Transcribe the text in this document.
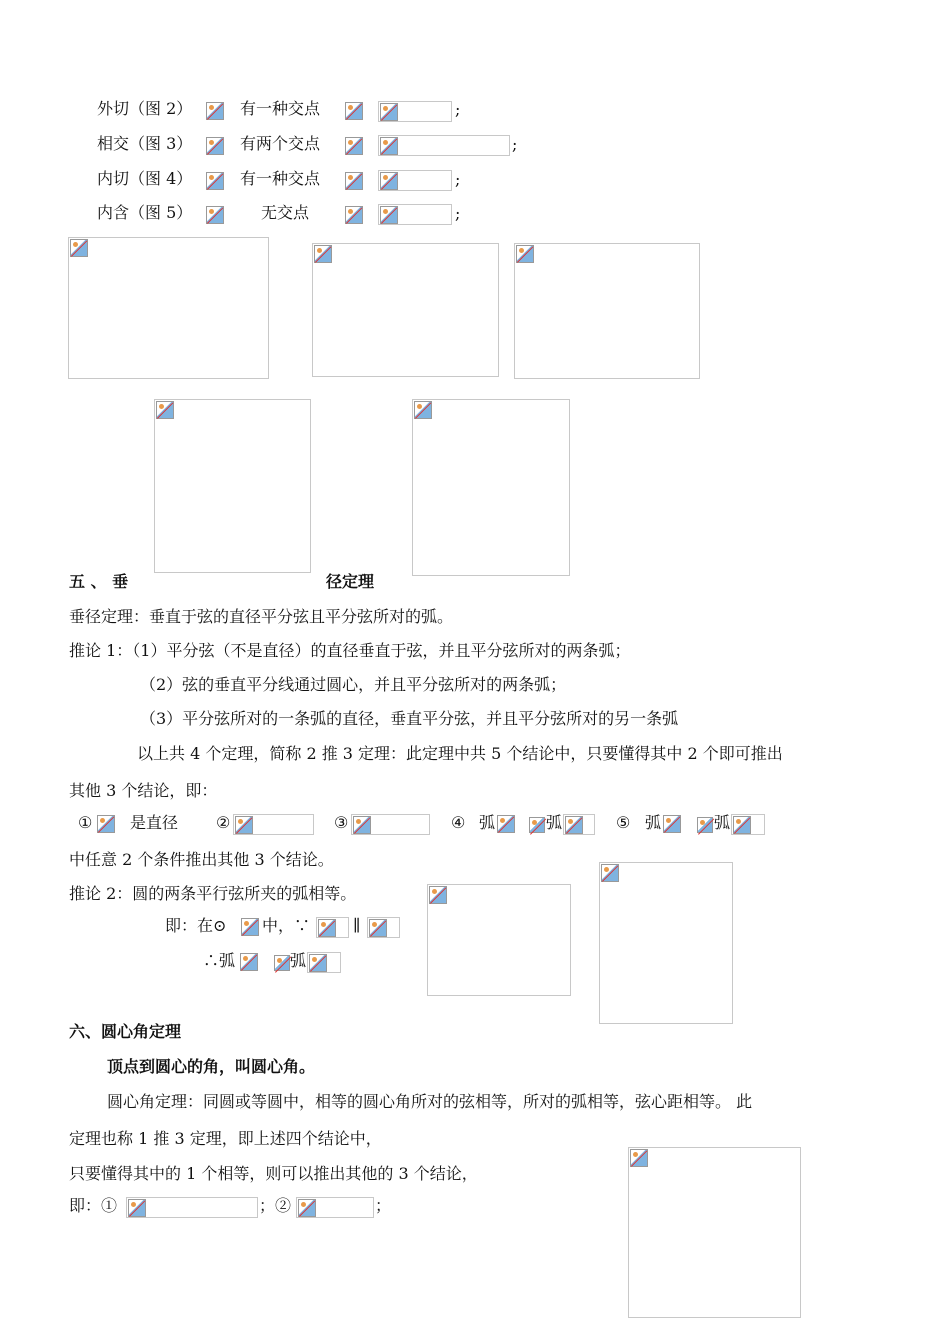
外切（图 2）	有一种交点	;
相交（图 3）	有两个交点	;
内切（图 4）	有一种交点	;
内含（图 5）	无交点	;
五 、 垂	径定理
垂径定理：垂直于弦的直径平分弦且平分弦所对的弧。
推论 1：（1）平分弦（不是直径）的直径垂直于弦，并且平分弦所对的两条弧；
（2）弦的垂直平分线通过圆心，并且平分弦所对的两条弧；
（3）平分弦所对的一条弧的直径，垂直平分弦，并且平分弦所对的另一条弧
以上共 4 个定理，简称 2 推 3 定理：此定理中共 5 个结论中，只要懂得其中 2 个即可推出
其他 3 个结论，即：
① 是直径 ②	③	④ 弧	弧	⑤ 弧	弧
中任意 2 个条件推出其他 3 个结论。
推论 2：圆的两条平行弦所夹的弧相等。
即：在⊙ 中，∵	∥
∴弧	弧
六、圆心角定理
顶点到圆心的角，叫圆心角。
圆心角定理：同圆或等圆中，相等的圆心角所对的弦相等，所对的弧相等，弦心距相等。 此
定理也称 1 推 3 定理，即上述四个结论中，
只要懂得其中的 1 个相等，则可以推出其他的 3 个结论，
即：①	；②	；
